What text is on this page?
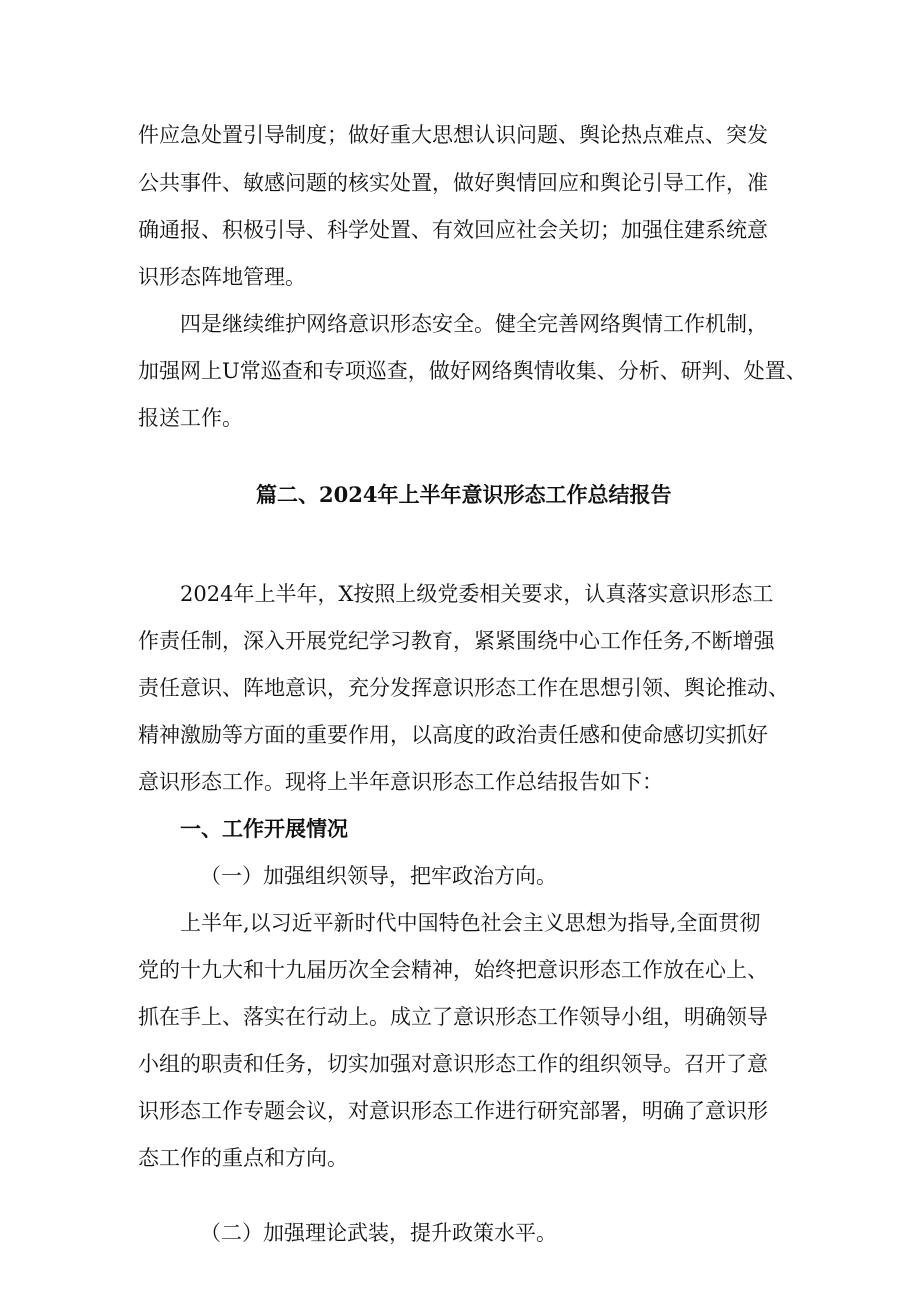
件应急处置引导制度；做好重大思想认识问题、舆论热点难点、突发

公共事件、敏感问题的核实处置，做好舆情回应和舆论引导工作，准

确通报、积极引导、科学处置、有效回应社会关切；加强住建系统意

识形态阵地管理。

四是继续维护网络意识形态安全。健全完善网络舆情工作机制，

加强网上U常巡查和专项巡查，做好网络舆情收集、分析、研判、处置、

报送工作。

篇二、2024年上半年意识形态工作总结报告

2024年上半年，X按照上级党委相关要求，认真落实意识形态工

作责任制，深入开展党纪学习教育，紧紧围绕中心工作任务,不断增强

责任意识、阵地意识，充分发挥意识形态工作在思想引领、舆论推动、

精神激励等方面的重要作用，以高度的政治责任感和使命感切实抓好

意识形态工作。现将上半年意识形态工作总结报告如下：

一、工作开展情况

（一）加强组织领导，把牢政治方向。

上半年,以习近平新时代中国特色社会主义思想为指导,全面贯彻

党的十九大和十九届历次全会精神，始终把意识形态工作放在心上、

抓在手上、落实在行动上。成立了意识形态工作领导小组，明确领导

小组的职责和任务，切实加强对意识形态工作的组织领导。召开了意

识形态工作专题会议，对意识形态工作进行研究部署，明确了意识形

态工作的重点和方向。

（二）加强理论武装，提升政策水平。
